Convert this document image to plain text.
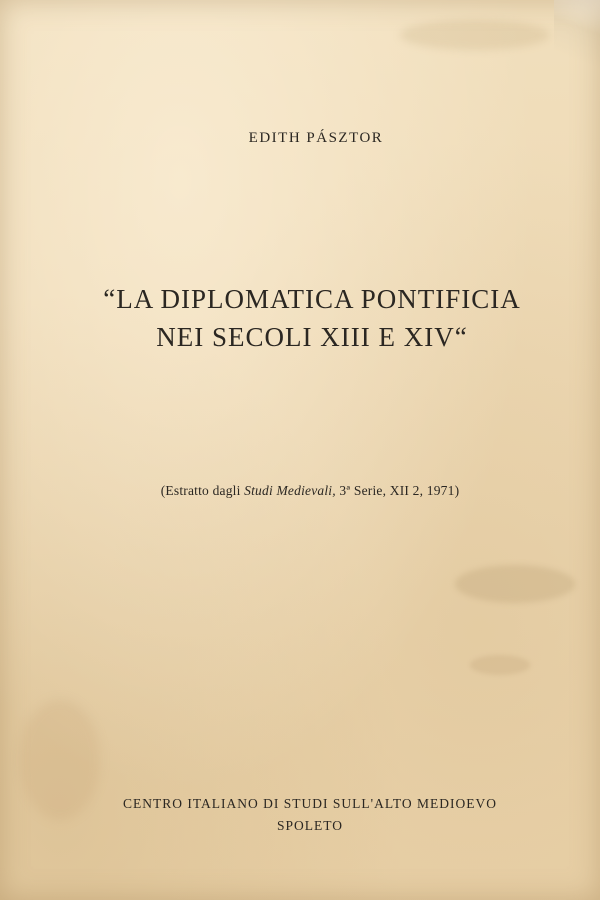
EDITH PÁSZTOR
“LA DIPLOMATICA PONTIFICIA
NEI SECOLI XIII E XIV“
(Estratto dagli Studi Medievali, 3ª Serie, XII 2, 1971)
CENTRO ITALIANO DI STUDI SULL'ALTO MEDIOEVO
SPOLETO
